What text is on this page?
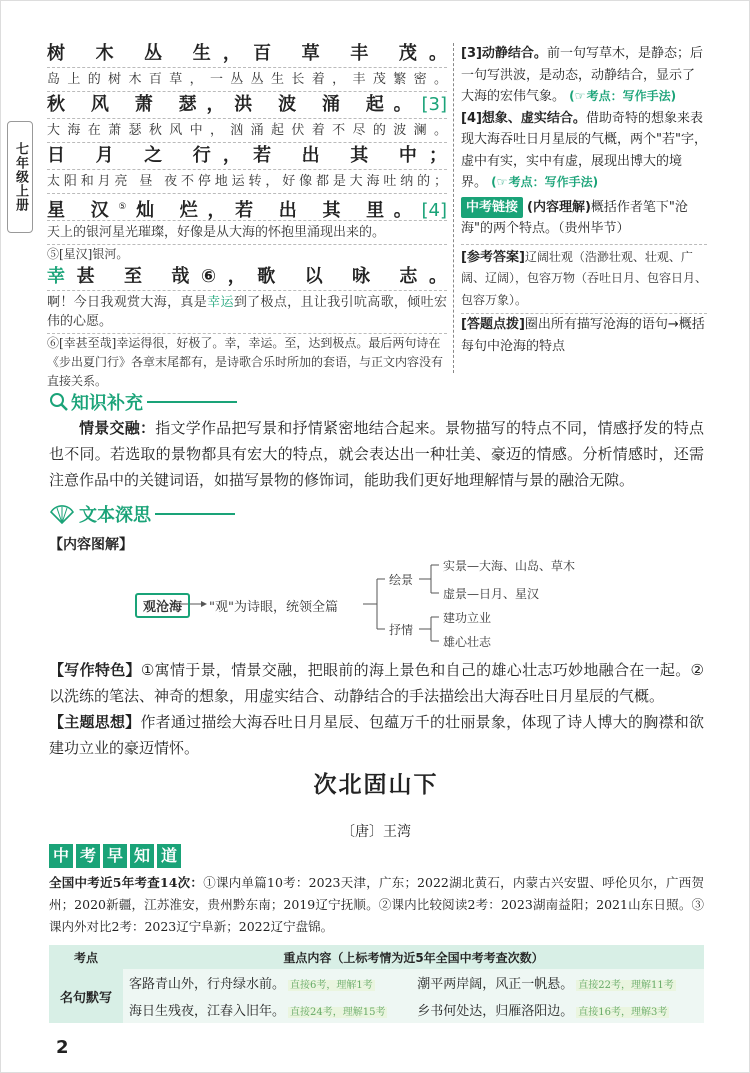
七年级上册
树 木 丛 生，百 草 丰 茂。
岛上的树木百草，一丛丛生长着，丰茂繁密。
秋 风 萧 瑟，洪 波 涌 起。[3]
大海在萧瑟秋风中，汹涌起伏着不尽的波澜。
日 月 之 行，若 出 其 中；
太阳和月亮 昼 夜不停地运转，好像都是大海吐纳的；
星 汉⑤灿 烂，若 出 其 里。[4]
天上的银河星光璀璨，好像是从大海的怀抱里涌现出来的。
⑤[星汉]银河。
幸甚 至 哉⑥，歌 以 咏 志。
啊！今日我观赏大海，真是幸运到了极点，且让我引吭高歌，倾吐宏伟的心愿。
⑥[幸甚至哉]幸运得很，好极了。幸，幸运。至，达到极点。最后两句诗在《步出夏门行》各章末尾都有，是诗歌合乐时所加的套语，与正文内容没有直接关系。
[3]动静结合。前一句写草木，是静态；后一句写洪波，是动态，动静结合，显示了大海的宏伟气象。 (☞考点：写作手法)
[4]想象、虚实结合。借助奇特的想象来表现大海吞吐日月星辰的气概，两个"若"字，虚中有实，实中有虚，展现出博大的境界。 (☞考点：写作手法)
中考链接 (内容理解)概括作者笔下"沧海"的两个特点。（贵州毕节）
[参考答案]辽阔壮观（浩渺壮观、壮观、广阔、辽阔），包容万物（吞吐日月、包容日月、包容万象）。
[答题点拨]圈出所有描写沧海的语句→概括每句中沧海的特点
知识补充
情景交融：指文学作品把写景和抒情紧密地结合起来。景物描写的特点不同，情感抒发的特点也不同。若选取的景物都具有宏大的特点，就会表达出一种壮美、豪迈的情感。分析情感时，还需注意作品中的关键词语，如描写景物的修饰词，能助我们更好地理解情与景的融洽无隙。
文本深思
【内容图解】
观沧海	"观"为诗眼，统领全篇
绘景
实景—大海、山岛、草木
虚景—日月、星汉
抒情
建功立业
雄心壮志
【写作特色】①寓情于景，情景交融，把眼前的海上景色和自己的雄心壮志巧妙地融合在一起。②以洗练的笔法、神奇的想象，用虚实结合、动静结合的手法描绘出大海吞吐日月星辰的气概。
【主题思想】作者通过描绘大海吞吐日月星辰、包蕴万千的壮丽景象，体现了诗人博大的胸襟和欲建功立业的豪迈情怀。
次北固山下
〔唐〕王湾
中 考 早 知 道
全国中考近5年考查14次：①课内单篇10考：2023天津，广东；2022湖北黄石，内蒙古兴安盟、呼伦贝尔，广西贺州；2020新疆，江苏淮安，贵州黔东南；2019辽宁抚顺。②课内比较阅读2考：2023湖南益阳；2021山东日照。③课内外对比2考：2023辽宁阜新；2022辽宁盘锦。
考点	重点内容（上标考情为近5年全国中考考查次数）	
名句默写	客路青山外，行舟绿水前。 直接6考，理解1考	潮平两岸阔，风正一帆悬。 直接22考，理解11考
	海日生残夜，江春入旧年。 直接24考，理解15考	乡书何处达，归雁洛阳边。 直接16考，理解3考
2
